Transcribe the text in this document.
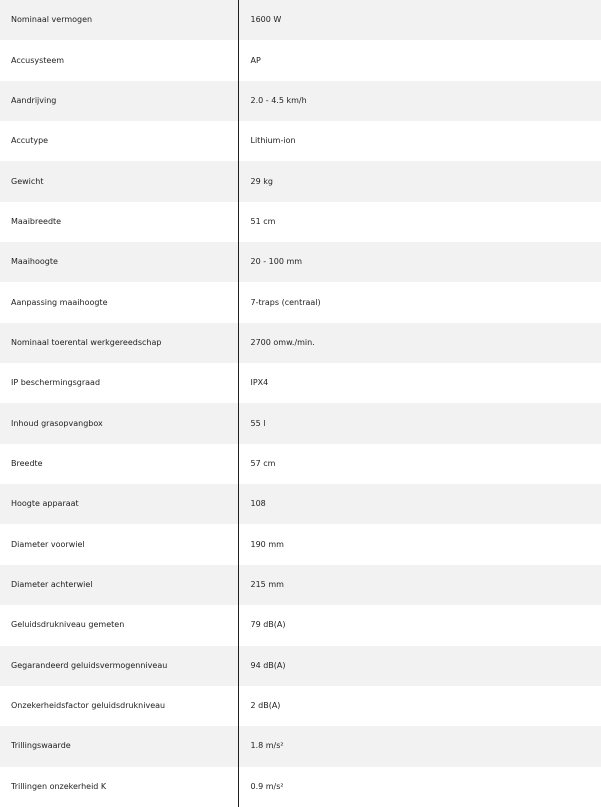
Nominaal vermogen	1600 W
Accusysteem	AP
Aandrijving	2.0 - 4.5 km/h
Accutype	Lithium-ion
Gewicht	29 kg
Maaibreedte	51 cm
Maaihoogte	20 - 100 mm
Aanpassing maaihoogte	7-traps (centraal)
Nominaal toerental werkgereedschap	2700 omw./min.
IP beschermingsgraad	IPX4
Inhoud grasopvangbox	55 l
Breedte	57 cm
Hoogte apparaat	108
Diameter voorwiel	190 mm
Diameter achterwiel	215 mm
Geluidsdrukniveau gemeten	79 dB(A)
Gegarandeerd geluidsvermogenniveau	94 dB(A)
Onzekerheidsfactor geluidsdrukniveau	2 dB(A)
Trillingswaarde	1.8 m/s²
Trillingen onzekerheid K	0.9 m/s²
